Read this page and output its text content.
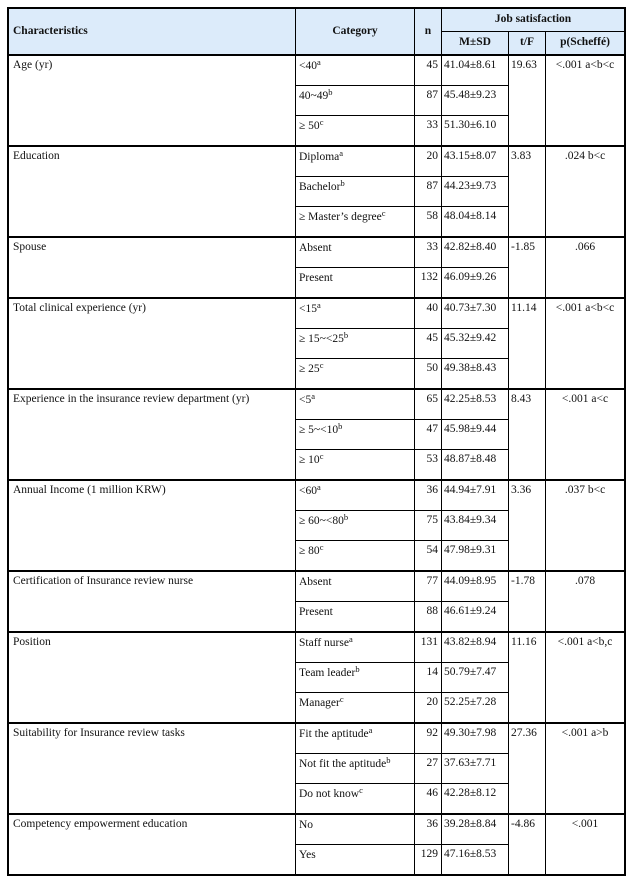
Characteristics	Category	n	Job satisfaction		
			M±SD	t/F	p(Scheffé)
Age (yr)	$<40^a$	45	41.04±8.61	19.63	<.001 a<b<c
	40~49$^b$	87	45.48±9.23		
	≥ $50^c$	33	51.30±6.10		
Education	Diploma$^a$	20	43.15±8.07	3.83	.024 b<c
	Bachelor$^b$	87	44.23±9.73		
	≥ Master’s degree$^c$	58	48.04±8.14		
Spouse	Absent	33	42.82±8.40	-1.85	.066
	Present	132	46.09±9.26		
Total clinical experience (yr)	$<15^a$	40	40.73±7.30	11.14	<.001 a<b<c
	≥ $15\sim<25^b$	45	45.32±9.42		
	≥ $25^c$	50	49.38±8.43		
Experience in the insurance review department (yr)	$<5^a$	65	42.25±8.53	8.43	<.001 a<c
	≥ $5\sim<10^b$	47	45.98±9.44		
	≥ $10^c$	53	48.87±8.48		
Annual Income (1 million KRW)	$<60^a$	36	44.94±7.91	3.36	.037 b<c
	≥ $60\sim<80^b$	75	43.84±9.34		
	≥ $80^c$	54	47.98±9.31		
Certification of Insurance review nurse	Absent	77	44.09±8.95	-1.78	.078
	Present	88	46.61±9.24		
Position	Staff nurse$^a$	131	43.82±8.94	11.16	<.001 a<b,c
	Team leader$^b$	14	50.79±7.47		
	Manager$^c$	20	52.25±7.28		
Suitability for Insurance review tasks	Fit the aptitude$^a$	92	49.30±7.98	27.36	<.001 a>b
	Not fit the aptitude$^b$	27	37.63±7.71		
	Do not know$^c$	46	42.28±8.12		
Competency empowerment education	No	36	39.28±8.84	-4.86	<.001
	Yes	129	47.16±8.53		
